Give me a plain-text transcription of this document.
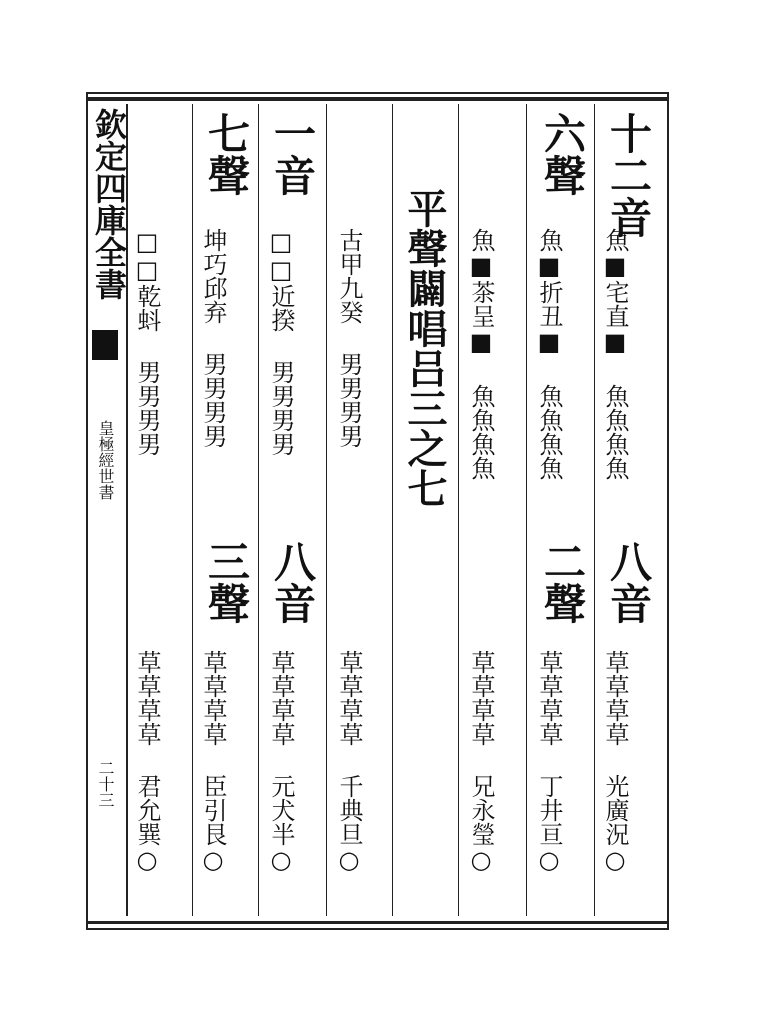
欽定四庫全書
皇極經世書
二十三
十二音
魚■宅直■ 魚魚魚魚
八音
草草草草 光廣況○
六聲
魚■折丑■ 魚魚魚魚
二聲
草草草草 丁井亘○
魚■茶呈■ 魚魚魚魚
草草草草 兄永瑩○
平聲闢唱吕三之七
古甲九癸 男男男男
草草草草 千典旦○
一音
□□近揆 男男男男
八音
草草草草 元犬半○
七聲
坤巧邱弃 男男男男
三聲
草草草草 臣引艮○
□□乾蚪 男男男男
草草草草 君允巽○
